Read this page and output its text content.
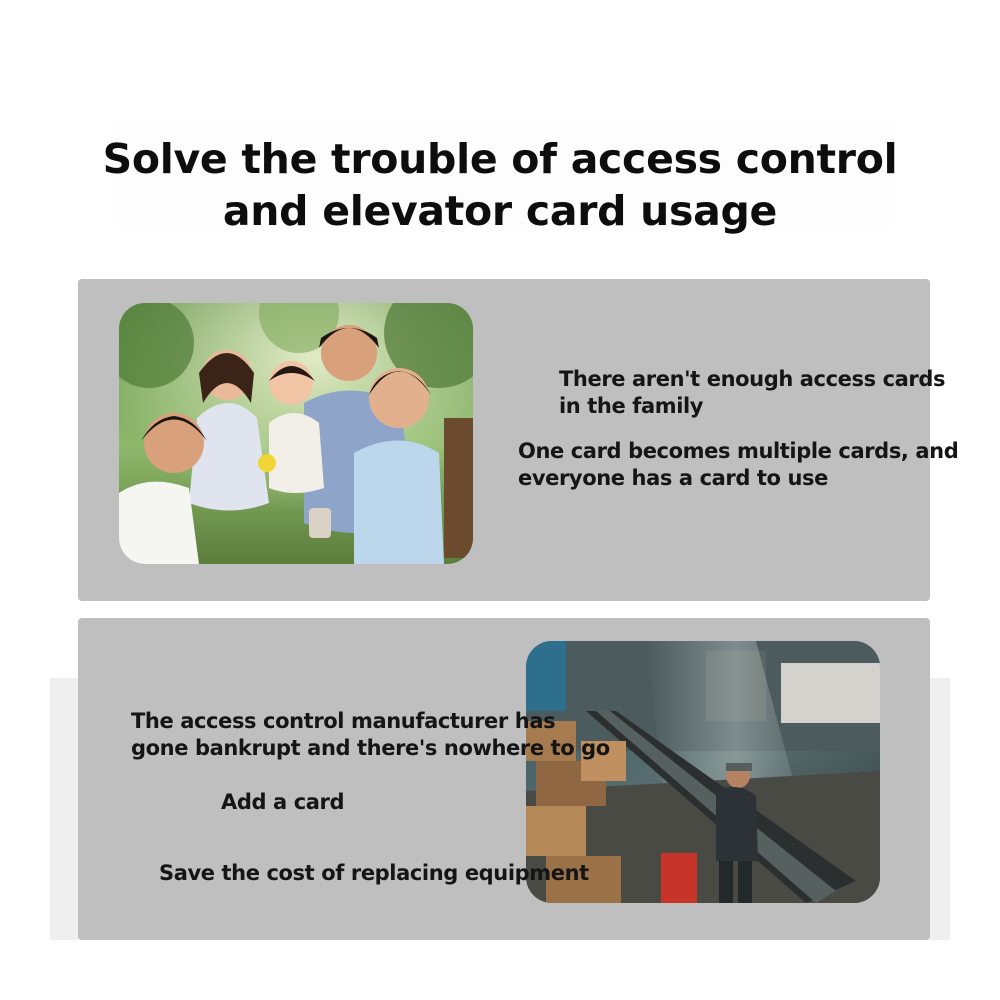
Solve the trouble of access control
and elevator card usage
There aren't enough access cards
in the family
One card becomes multiple cards, and
everyone has a card to use
The access control manufacturer has
gone bankrupt and there's nowhere to go
Add a card
Save the cost of replacing equipment
